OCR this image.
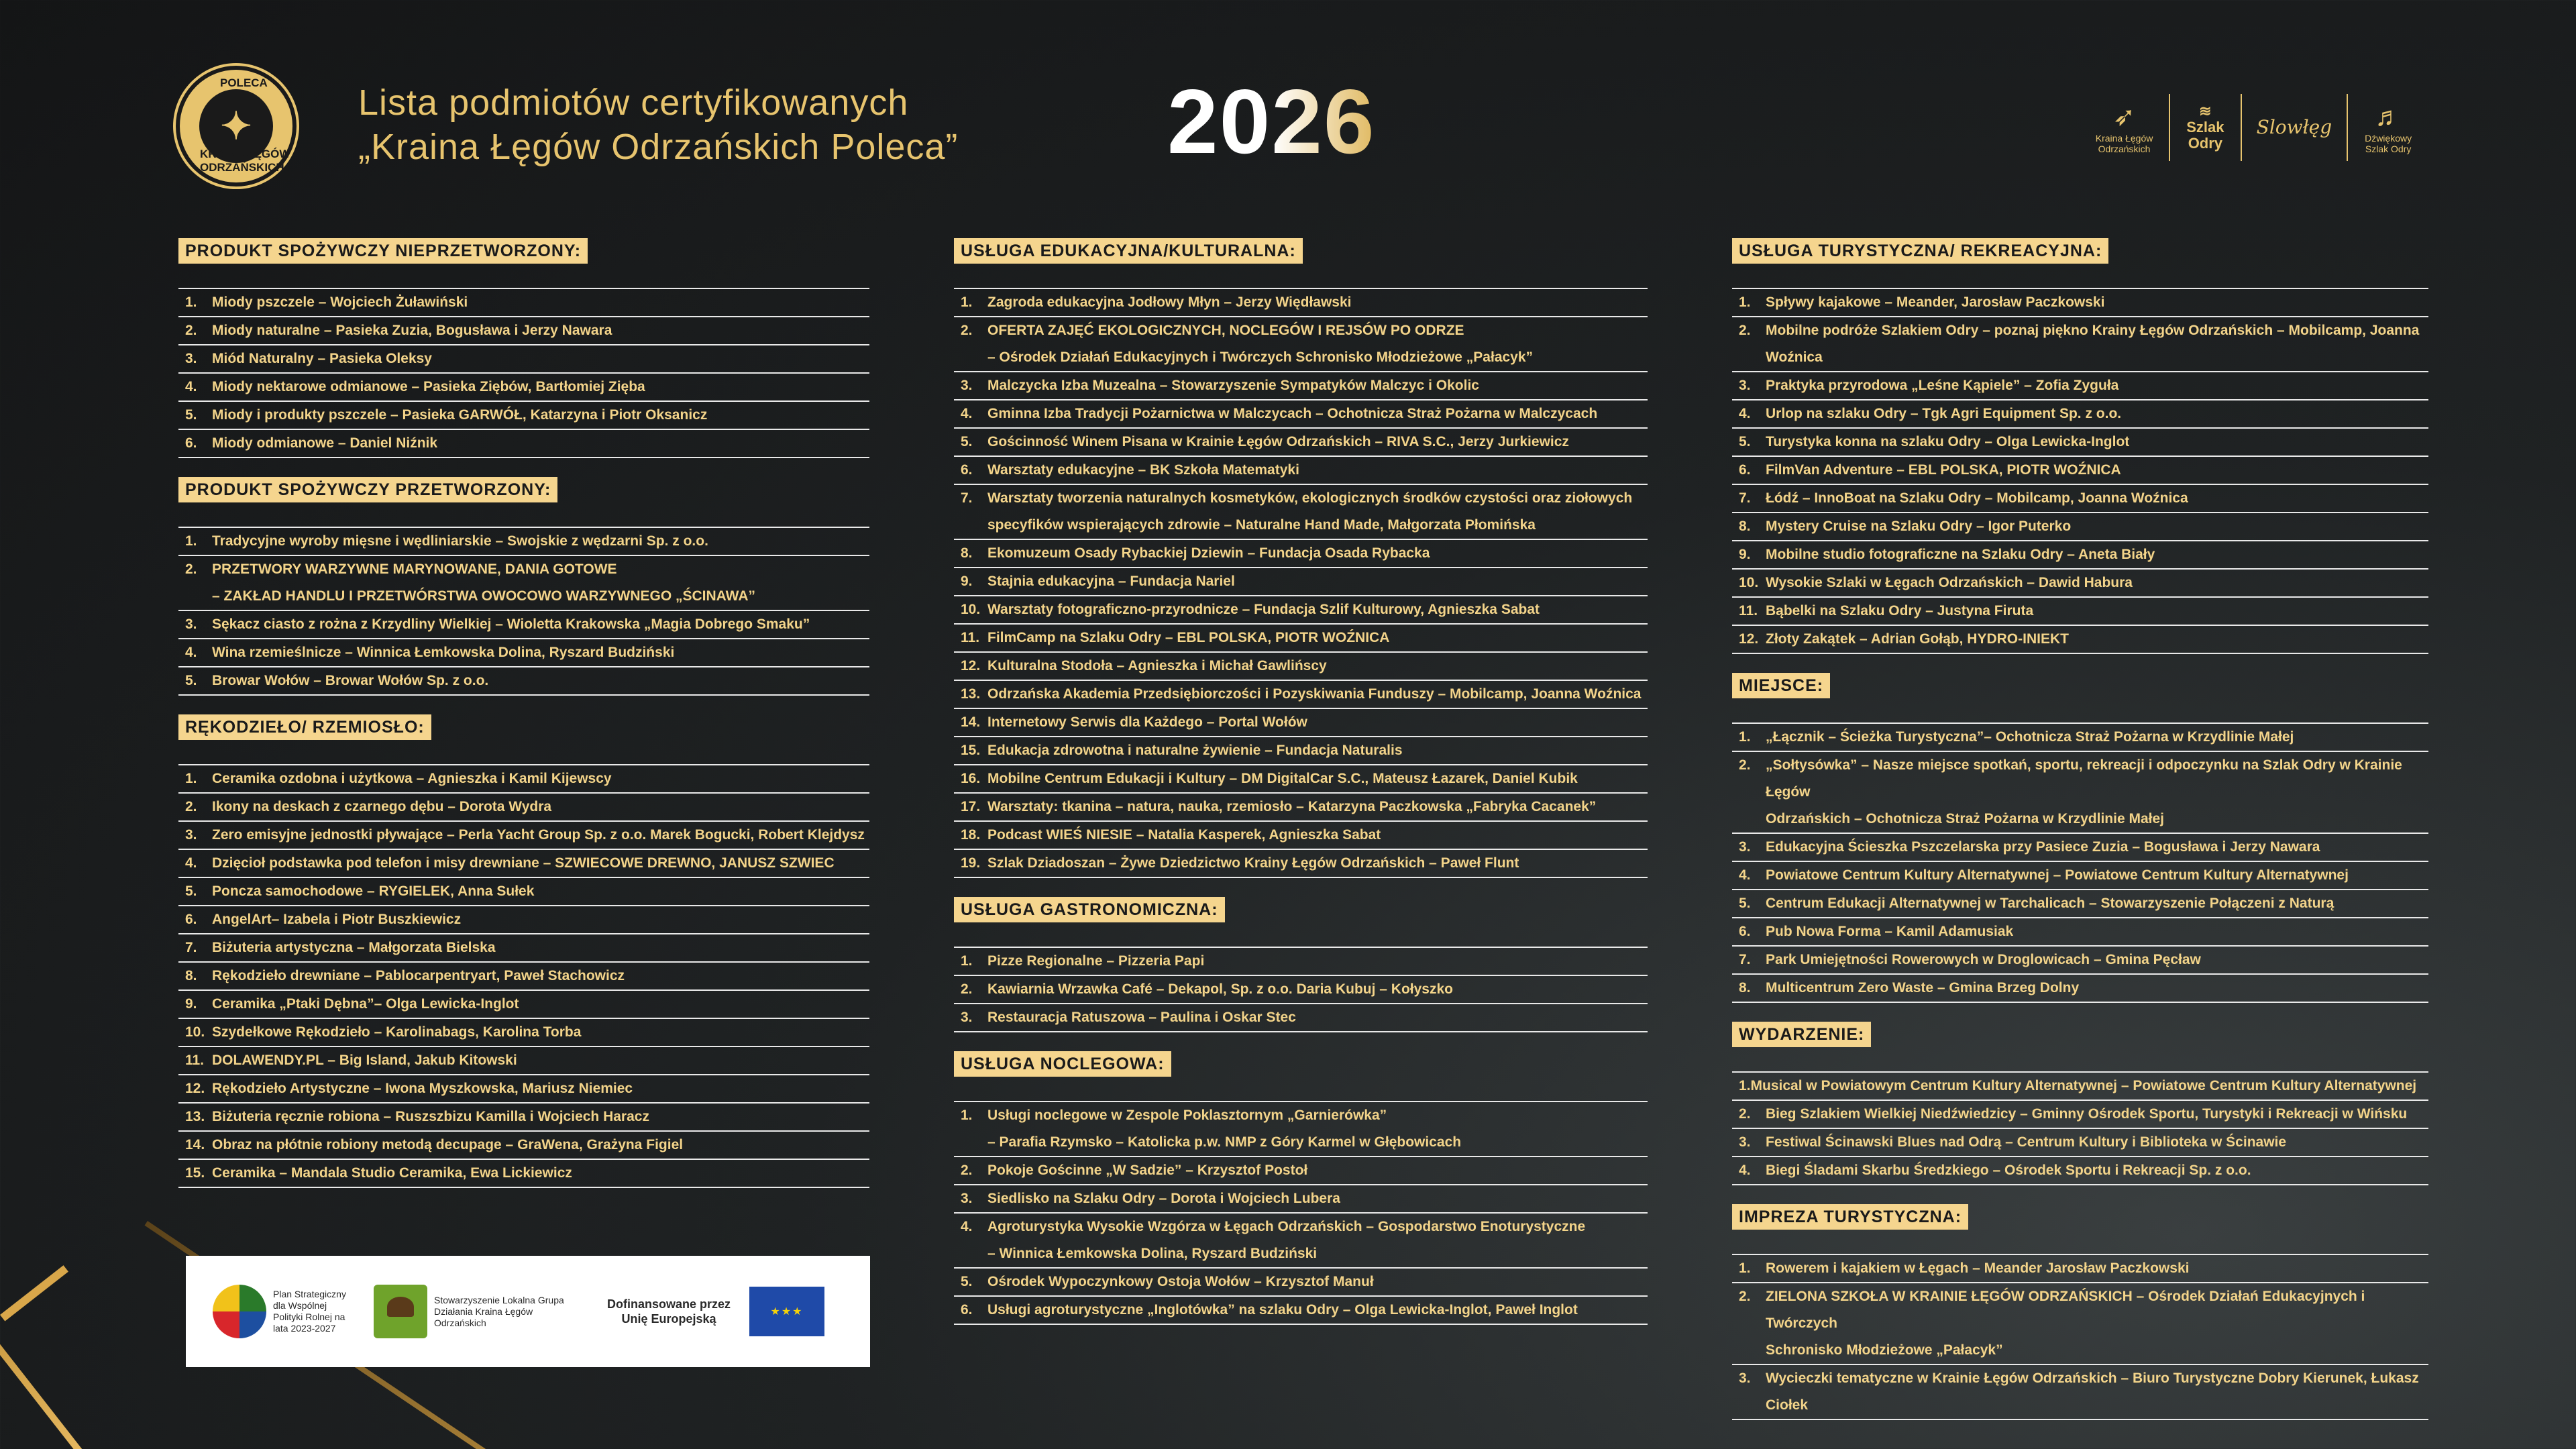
POLECA
✦
KRAINA ŁĘGÓW ODRZAŃSKICH
Lista podmiotów certyfikowanych
„Kraina Łęgów Odrzańskich Poleca” 2026	➶
Kraina Łęgów Odrzańskich
≋
Szlak Odry
Slowłęg ♬
Dźwiękowy Szlak Odry
PRODUKT SPOŻYWCZY NIEPRZETWORZONY:
1.	Miody pszczele – Wojciech Żuławiński
2.	Miody naturalne – Pasieka Zuzia, Bogusława i Jerzy Nawara
3.	Miód Naturalny – Pasieka Oleksy
4.	Miody nektarowe odmianowe – Pasieka Ziębów, Bartłomiej Zięba
5.	Miody i produkty pszczele – Pasieka GARWÓŁ, Katarzyna i Piotr Oksanicz
6.	Miody odmianowe – Daniel Niźnik
PRODUKT SPOŻYWCZY PRZETWORZONY:
1.	Tradycyjne wyroby mięsne i wędliniarskie – Swojskie z wędzarni Sp. z o.o.
2.	PRZETWORY WARZYWNE MARYNOWANE, DANIA GOTOWE
– ZAKŁAD HANDLU I PRZETWÓRSTWA OWOCOWO WARZYWNEGO „ŚCINAWA”
3.	Sękacz ciasto z rożna z Krzydliny Wielkiej – Wioletta Krakowska „Magia Dobrego Smaku”
4.	Wina rzemieślnicze – Winnica Łemkowska Dolina, Ryszard Budziński
5.	Browar Wołów – Browar Wołów Sp. z o.o.
RĘKODZIEŁO/ RZEMIOSŁO:
1.	Ceramika ozdobna i użytkowa – Agnieszka i Kamil Kijewscy
2.	Ikony na deskach z czarnego dębu – Dorota Wydra
3.	Zero emisyjne jednostki pływające – Perla Yacht Group Sp. z o.o. Marek Bogucki, Robert Klejdysz
4.	Dzięcioł podstawka pod telefon i misy drewniane – SZWIECOWE DREWNO, JANUSZ SZWIEC
5.	Poncza samochodowe – RYGIELEK, Anna Sułek
6.	AngelArt– Izabela i Piotr Buszkiewicz
7.	Biżuteria artystyczna – Małgorzata Bielska
8.	Rękodzieło drewniane – Pablocarpentryart, Paweł Stachowicz
9.	Ceramika „Ptaki Dębna”– Olga Lewicka-Inglot
10. Szydełkowe Rękodzieło – Karolinabags, Karolina Torba
11. DOLAWENDY.PL – Big Island, Jakub Kitowski
12. Rękodzieło Artystyczne – Iwona Myszkowska, Mariusz Niemiec
13. Biżuteria ręcznie robiona – Ruszszbizu Kamilla i Wojciech Haracz
14. Obraz na płótnie robiony metodą decupage – GraWena, Grażyna Figiel
15. Ceramika – Mandala Studio Ceramika, Ewa Lickiewicz
USŁUGA EDUKACYJNA/KULTURALNA:
1.	Zagroda edukacyjna Jodłowy Młyn – Jerzy Więdławski
2.	OFERTA ZAJĘĆ EKOLOGICZNYCH, NOCLEGÓW I REJSÓW PO ODRZE
– Ośrodek Działań Edukacyjnych i Twórczych Schronisko Młodzieżowe „Pałacyk”
3.	Malczycka Izba Muzealna – Stowarzyszenie Sympatyków Malczyc i Okolic
4.	Gminna Izba Tradycji Pożarnictwa w Malczycach – Ochotnicza Straż Pożarna w Malczycach
5.	Gościnność Winem Pisana w Krainie Łęgów Odrzańskich – RIVA S.C., Jerzy Jurkiewicz
6.	Warsztaty edukacyjne – BK Szkoła Matematyki
7.	Warsztaty tworzenia naturalnych kosmetyków, ekologicznych środków czystości oraz ziołowych
specyfików wspierających zdrowie – Naturalne Hand Made, Małgorzata Płomińska
8.	Ekomuzeum Osady Rybackiej Dziewin – Fundacja Osada Rybacka
9.	Stajnia edukacyjna – Fundacja Nariel
10. Warsztaty fotograficzno-przyrodnicze – Fundacja Szlif Kulturowy, Agnieszka Sabat
11. FilmCamp na Szlaku Odry – EBL POLSKA, PIOTR WOŹNICA
12. Kulturalna Stodoła – Agnieszka i Michał Gawlińscy
13. Odrzańska Akademia Przedsiębiorczości i Pozyskiwania Funduszy – Mobilcamp, Joanna Woźnica
14. Internetowy Serwis dla Każdego – Portal Wołów
15. Edukacja zdrowotna i naturalne żywienie – Fundacja Naturalis
16. Mobilne Centrum Edukacji i Kultury – DM DigitalCar S.C., Mateusz Łazarek, Daniel Kubik
17. Warsztaty: tkanina – natura, nauka, rzemiosło – Katarzyna Paczkowska „Fabryka Cacanek”
18. Podcast WIEŚ NIESIE – Natalia Kasperek, Agnieszka Sabat
19. Szlak Dziadoszan – Żywe Dziedzictwo Krainy Łęgów Odrzańskich – Paweł Flunt
USŁUGA GASTRONOMICZNA:
1.	Pizze Regionalne – Pizzeria Papi
2.	Kawiarnia Wrzawka Café – Dekapol, Sp. z o.o. Daria Kubuj – Kołyszko
3.	Restauracja Ratuszowa – Paulina i Oskar Stec
USŁUGA NOCLEGOWA:
1.	Usługi noclegowe w Zespole Poklasztornym „Garnierówka”
– Parafia Rzymsko – Katolicka p.w. NMP z Góry Karmel w Głębowicach
2.	Pokoje Gościnne „W Sadzie” – Krzysztof Postoł
3.	Siedlisko na Szlaku Odry – Dorota i Wojciech Lubera
4.	Agroturystyka Wysokie Wzgórza w Łęgach Odrzańskich – Gospodarstwo Enoturystyczne
– Winnica Łemkowska Dolina, Ryszard Budziński
5.	Ośrodek Wypoczynkowy Ostoja Wołów – Krzysztof Manuł
6.	Usługi agroturystyczne „Inglotówka” na szlaku Odry – Olga Lewicka-Inglot, Paweł Inglot
USŁUGA TURYSTYCZNA/ REKREACYJNA:
1.	Spływy kajakowe – Meander, Jarosław Paczkowski
2.	Mobilne podróże Szlakiem Odry – poznaj piękno Krainy Łęgów Odrzańskich – Mobilcamp, Joanna Woźnica
3.	Praktyka przyrodowa „Leśne Kąpiele” – Zofia Zyguła
4.	Urlop na szlaku Odry – Tgk Agri Equipment Sp. z o.o.
5.	Turystyka konna na szlaku Odry – Olga Lewicka-Inglot
6.	FilmVan Adventure – EBL POLSKA, PIOTR WOŹNICA
7.	Łódź – InnoBoat na Szlaku Odry – Mobilcamp, Joanna Woźnica
8.	Mystery Cruise na Szlaku Odry – Igor Puterko
9.	Mobilne studio fotograficzne na Szlaku Odry – Aneta Biały
10. Wysokie Szlaki w Łęgach Odrzańskich – Dawid Habura
11. Bąbelki na Szlaku Odry – Justyna Firuta
12. Złoty Zakątek – Adrian Gołąb, HYDRO-INIEKT
MIEJSCE:
1.	„Łącznik – Ścieżka Turystyczna”– Ochotnicza Straż Pożarna w Krzydlinie Małej
2.	„Sołtysówka” – Nasze miejsce spotkań, sportu, rekreacji i odpoczynku na Szlak Odry w Krainie Łęgów
Odrzańskich – Ochotnicza Straż Pożarna w Krzydlinie Małej
3.	Edukacyjna Ścieszka Pszczelarska przy Pasiece Zuzia – Bogusława i Jerzy Nawara
4.	Powiatowe Centrum Kultury Alternatywnej – Powiatowe Centrum Kultury Alternatywnej
5.	Centrum Edukacji Alternatywnej w Tarchalicach – Stowarzyszenie Połączeni z Naturą
6.	Pub Nowa Forma – Kamil Adamusiak
7.	Park Umiejętności Rowerowych w Droglowicach – Gmina Pęcław
8.	Multicentrum Zero Waste – Gmina Brzeg Dolny
WYDARZENIE:
1.Musical w Powiatowym Centrum Kultury Alternatywnej – Powiatowe Centrum Kultury Alternatywnej
2.	Bieg Szlakiem Wielkiej Niedźwiedzicy – Gminny Ośrodek Sportu, Turystyki i Rekreacji w Wińsku
3.	Festiwal Ścinawski Blues nad Odrą – Centrum Kultury i Biblioteka w Ścinawie
4.	Biegi Śladami Skarbu Średzkiego – Ośrodek Sportu i Rekreacji Sp. z o.o.
IMPREZA TURYSTYCZNA:
1.	Rowerem i kajakiem w Łęgach – Meander Jarosław Paczkowski
2.	ZIELONA SZKOŁA W KRAINIE ŁĘGÓW ODRZAŃSKICH – Ośrodek Działań Edukacyjnych i Twórczych
Schronisko Młodzieżowe „Pałacyk”
3.	Wycieczki tematyczne w Krainie Łęgów Odrzańskich – Biuro Turystyczne Dobry Kierunek, Łukasz Ciołek
Plan Strategiczny dla Wspólnej Polityki Rolnej na lata 2023-2027
Stowarzyszenie Lokalna Grupa Działania Kraina Łęgów Odrzańskich
Dofinansowane przez Unię Europejską
★★★
